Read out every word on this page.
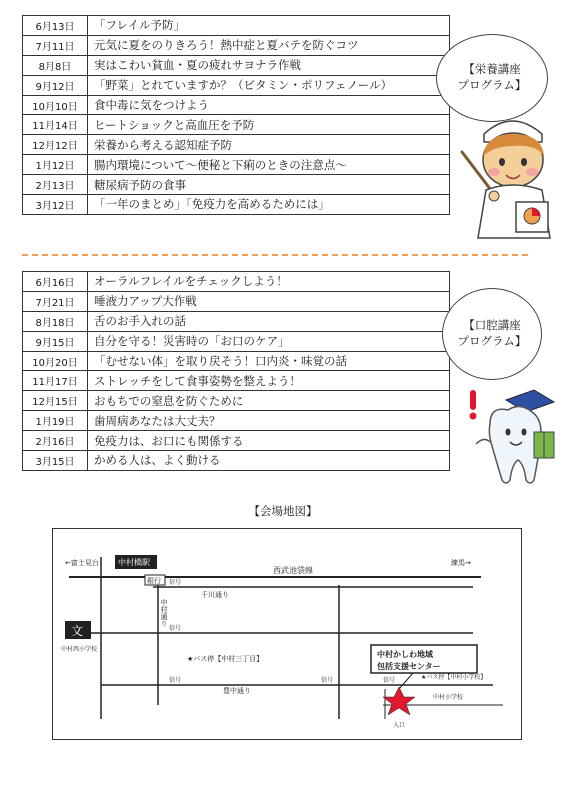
6月13日	「フレイル予防」
7月11日	元気に夏をのりきろう！熱中症と夏バテを防ぐコツ
8月8日	実はこわい貧血・夏の疲れサヨナラ作戦
9月12日	「野菜」とれていますか？（ビタミン・ポリフェノール）
10月10日	食中毒に気をつけよう
11月14日	ヒートショックと高血圧を予防
12月12日	栄養から考える認知症予防
1月12日	腸内環境について〜便秘と下痢のときの注意点〜
2月13日	糖尿病予防の食事
3月12日	「一年のまとめ」「免疫力を高めるためには」
【栄養講座
プログラム】
6月16日	オーラルフレイルをチェックしよう！
7月21日	唾液力アップ大作戦
8月18日	舌のお手入れの話
9月15日	自分を守る！災害時の「お口のケア」
10月20日	「むせない体」を取り戻そう！口内炎・味覚の話
11月17日	ストレッチをして食事姿勢を整えよう！
12月15日	おもちでの窒息を防ぐために
1月19日	歯周病あなたは大丈夫？
2月16日	免疫力は、お口にも関係する
3月15日	かめる人は、よく動ける
【口腔講座
プログラム】
【会場地図】
←富士見台	練馬→
中村橋駅
西武池袋線
銀行
千川通り
中村通り
豊中通り
信号
信号
信号	信号	信号
文
中村西小学校
★バス停【中村三丁目】
★バス停【中村小学校】
中村かしわ地域
包括支援センター
入口
中村小学校
